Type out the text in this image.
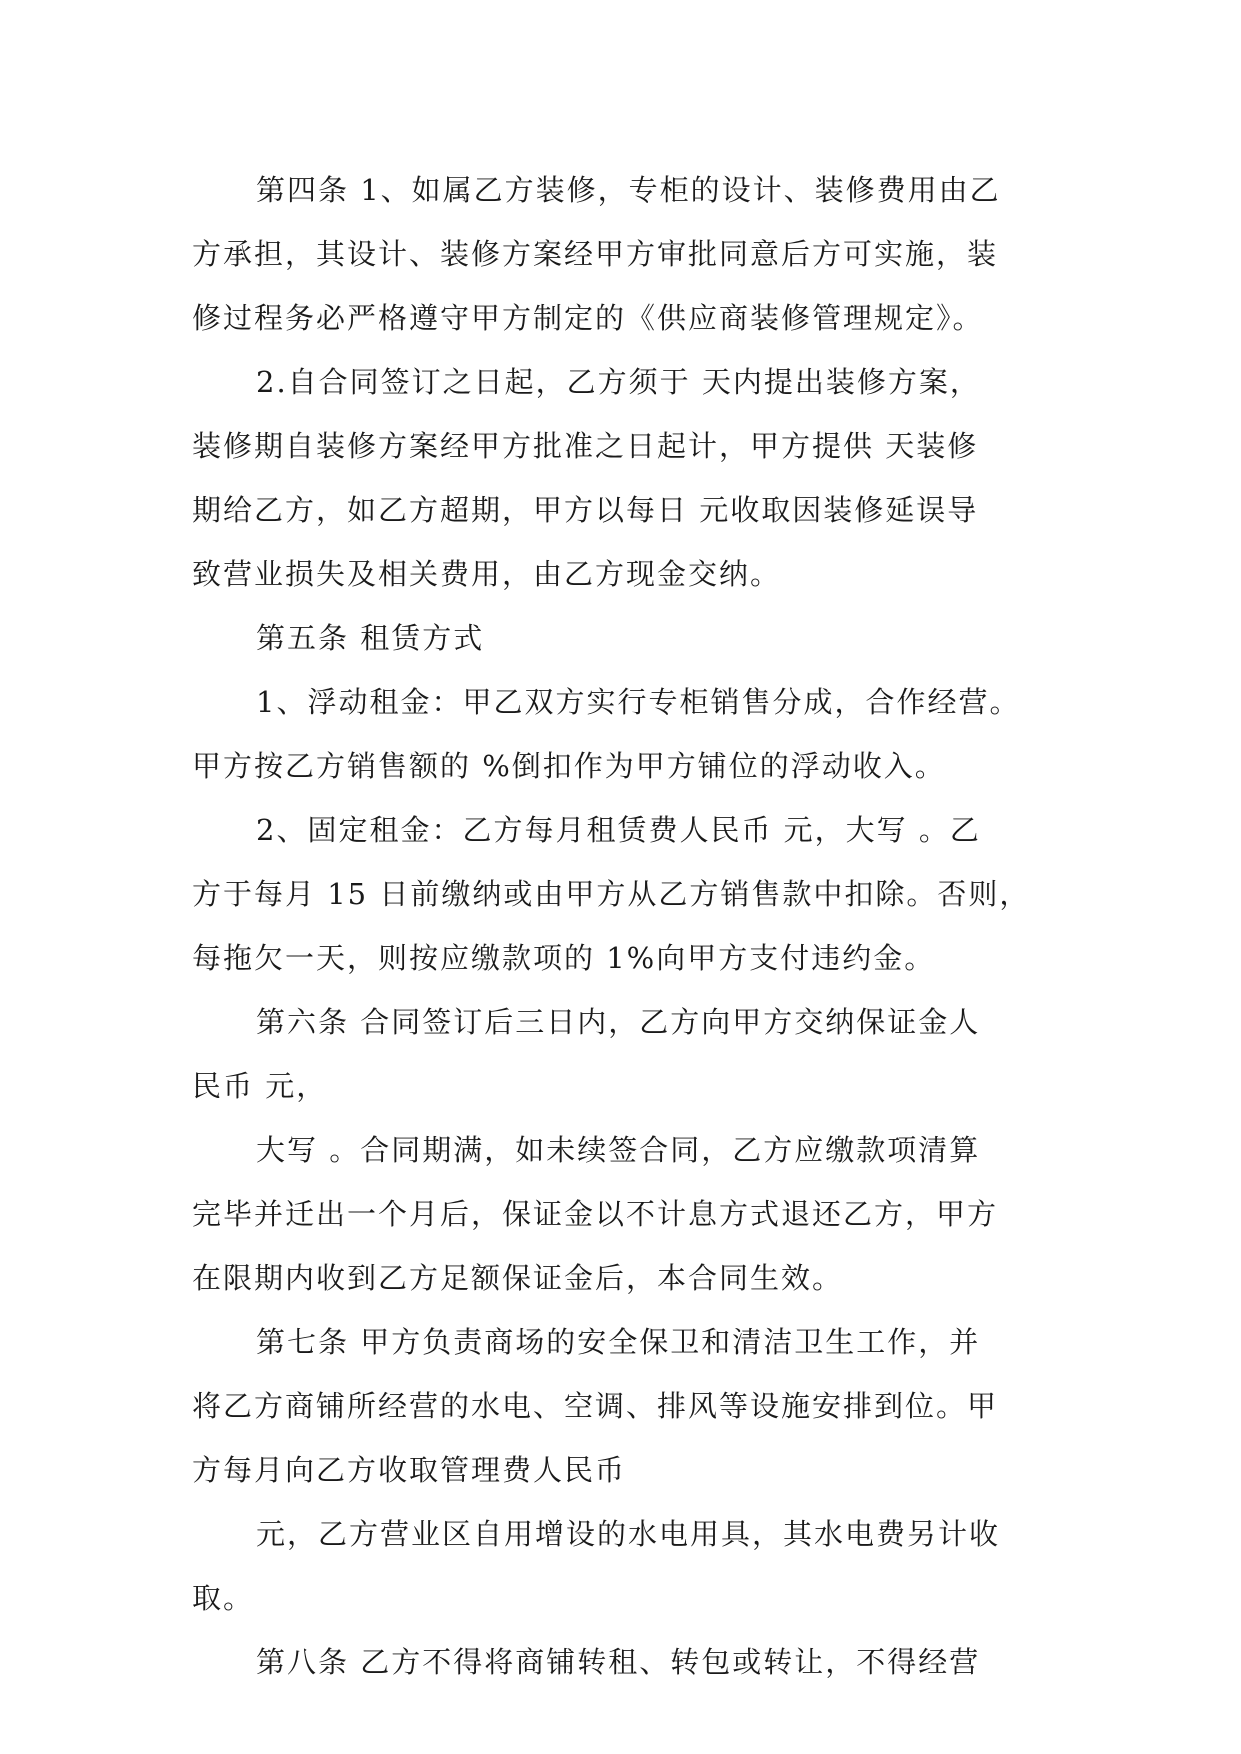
第四条 1、如属乙方装修，专柜的设计、装修费用由乙
方承担，其设计、装修方案经甲方审批同意后方可实施，装
修过程务必严格遵守甲方制定的《供应商装修管理规定》。
2.自合同签订之日起，乙方须于 天内提出装修方案，
装修期自装修方案经甲方批准之日起计，甲方提供 天装修
期给乙方，如乙方超期，甲方以每日 元收取因装修延误导
致营业损失及相关费用，由乙方现金交纳。
第五条 租赁方式
1、浮动租金：甲乙双方实行专柜销售分成，合作经营。
甲方按乙方销售额的 %倒扣作为甲方铺位的浮动收入。
2、固定租金：乙方每月租赁费人民币 元，大写 。乙
方于每月 15 日前缴纳或由甲方从乙方销售款中扣除。否则，
每拖欠一天，则按应缴款项的 1%向甲方支付违约金。
第六条 合同签订后三日内，乙方向甲方交纳保证金人
民币 元，
大写 。合同期满，如未续签合同，乙方应缴款项清算
完毕并迁出一个月后，保证金以不计息方式退还乙方，甲方
在限期内收到乙方足额保证金后，本合同生效。
第七条 甲方负责商场的安全保卫和清洁卫生工作，并
将乙方商铺所经营的水电、空调、排风等设施安排到位。甲
方每月向乙方收取管理费人民币
元，乙方营业区自用增设的水电用具，其水电费另计收
取。
第八条 乙方不得将商铺转租、转包或转让，不得经营
